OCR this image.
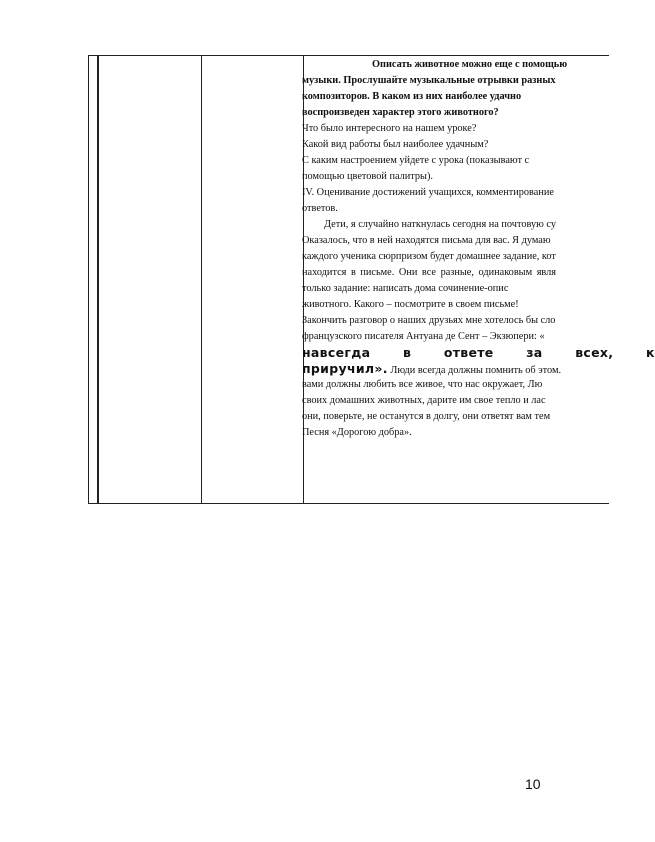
Описать животное можно еще с помощью
музыки. Прослушайте музыкальные отрывки разных
композиторов. В каком из них наиболее удачно
воспроизведен характер этого животного?
Что было интересного на нашем уроке?
Какой вид работы был наиболее удачным?
С каким настроением уйдете с урока (показывают с
помощью цветовой палитры).
IV. Оценивание достижений учащихся, комментирование
ответов.
Дети, я случайно наткнулась сегодня на почтовую су
Оказалось, что в ней находятся письма для вас. Я думаю
каждого ученика сюрпризом будет домашнее задание, кот
находится в письме. Они все разные, одинаковым явля
только задание: написать дома сочинение-опис
животного. Какого – посмотрите в своем письме!
Закончить разговор о наших друзьях мне хотелось бы сло
французского писателя Антуана де Сент – Экзюпери: «
навсегда в ответе за всех, к
приручил». Люди всегда должны помнить об этом.
вами должны любить все живое, что нас окружает, Лю
своих домашних животных, дарите им свое тепло и лас
они, поверьте, не останутся в долгу, они ответят вам тем
Песня «Дорогою добра».
10
